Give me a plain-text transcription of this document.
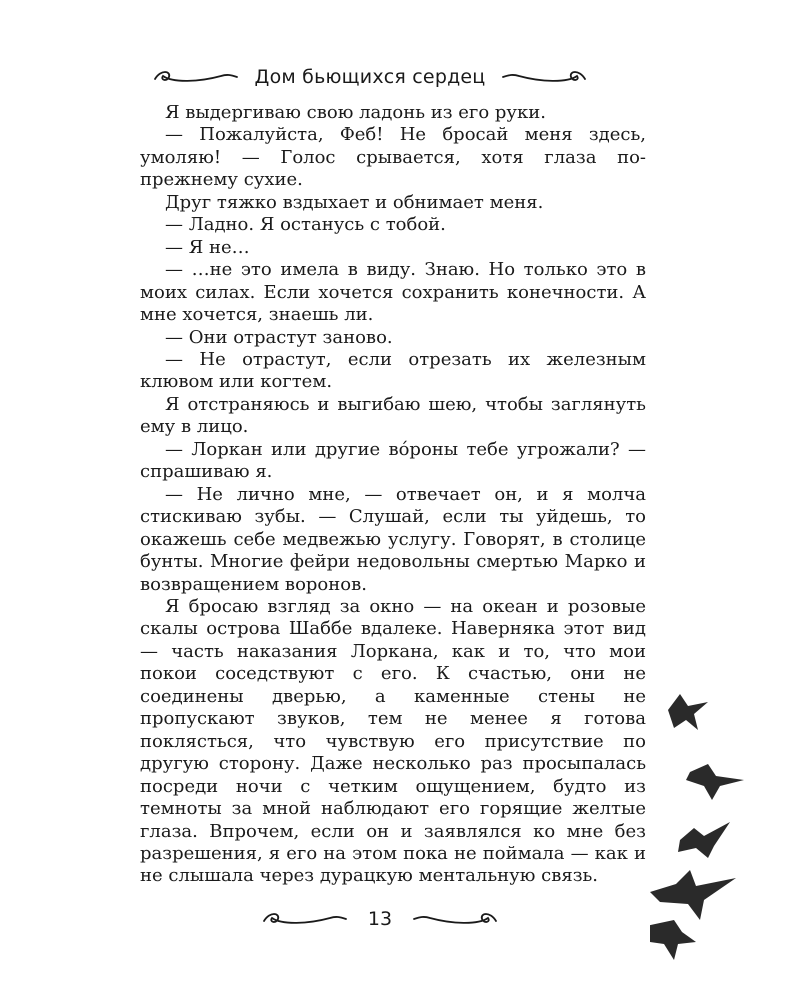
Дом бьющихся сердец

Я выдергиваю свою ладонь из его руки.

— Пожалуйста, Феб! Не бросай меня здесь, умоляю! — Голос срывается, хотя глаза по-прежнему сухие.

Друг тяжко вздыхает и обнимает меня.

— Ладно. Я останусь с тобой.

— Я не…

— …не это имела в виду. Знаю. Но только это в моих силах. Если хочется сохранить конечности. А мне хочется, знаешь ли.

— Они отрастут заново.

— Не отрастут, если отрезать их железным клювом или когтем.

Я отстраняюсь и выгибаю шею, чтобы заглянуть ему в лицо.

— Лоркан или другие во́роны тебе угрожали? — спрашиваю я.

— Не лично мне, — отвечает он, и я молча стискиваю зубы. — Слушай, если ты уйдешь, то окажешь себе медвежью услугу. Говорят, в столице бунты. Многие фейри недовольны смертью Марко и возвращением воронов.

Я бросаю взгляд за окно — на океан и розовые скалы острова Шаббе вдалеке. Наверняка этот вид — часть наказания Лоркана, как и то, что мои покои соседствуют с его. К счастью, они не соединены дверью, а каменные стены не пропускают звуков, тем не менее я готова поклясться, что чувствую его присутствие по другую сторону. Даже несколько раз просыпалась посреди ночи с четким ощущением, будто из темноты за мной наблюдают его горящие желтые глаза. Впрочем, если он и заявлялся ко мне без разрешения, я его на этом пока не поймала — как и не слышала через дурацкую ментальную связь.

13
